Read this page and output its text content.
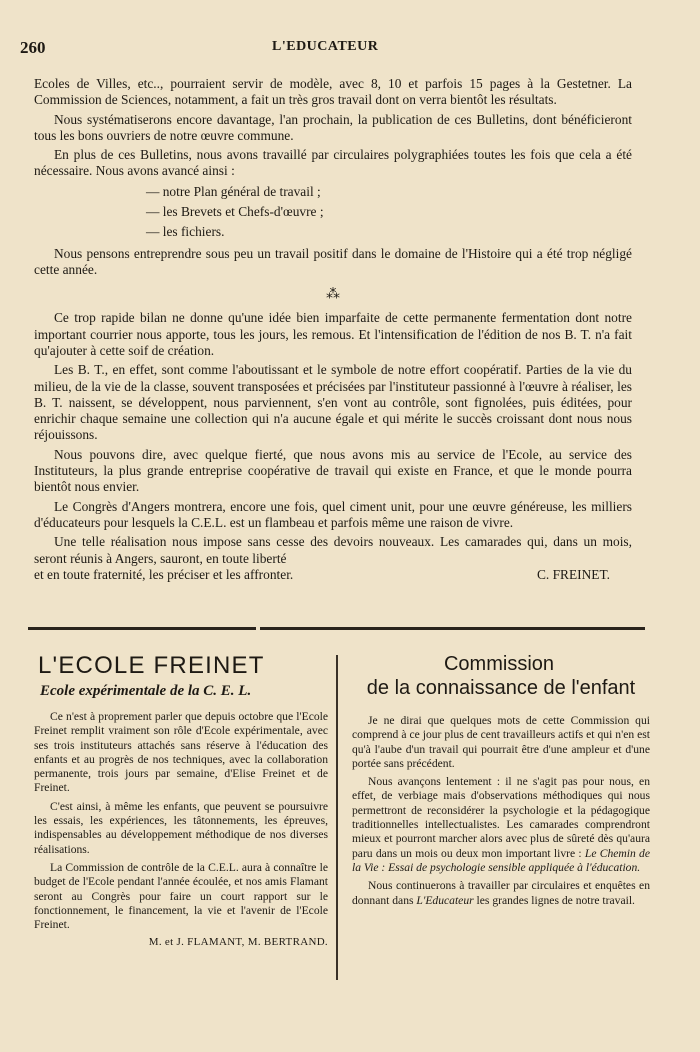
260	L'EDUCATEUR

Ecoles de Villes, etc.., pourraient servir de modèle, avec 8, 10 et parfois 15 pages à la Gestetner. La Commission de Sciences, notamment, a fait un très gros travail dont on verra bientôt les résultats.

Nous systématiserons encore davantage, l'an prochain, la publication de ces Bulletins, dont bénéficieront tous les bons ouvriers de notre œuvre commune.

En plus de ces Bulletins, nous avons travaillé par circulaires polygraphiées toutes les fois que cela a été nécessaire. Nous avons avancé ainsi :

— notre Plan général de travail ;
— les Brevets et Chefs-d'œuvre ;
— les fichiers.

Nous pensons entreprendre sous peu un travail positif dans le domaine de l'Histoire qui a été trop négligé cette année.

⁂

Ce trop rapide bilan ne donne qu'une idée bien imparfaite de cette permanente fermentation dont notre important courrier nous apporte, tous les jours, les remous. Et l'intensification de l'édition de nos B. T. n'a fait qu'ajouter à cette soif de création.

Les B. T., en effet, sont comme l'aboutissant et le symbole de notre effort coopératif. Parties de la vie du milieu, de la vie de la classe, souvent transposées et précisées par l'instituteur passionné à l'œuvre à réaliser, les B. T. naissent, se développent, nous parviennent, s'en vont au contrôle, sont fignolées, puis éditées, pour enrichir chaque semaine une collection qui n'a aucune égale et qui mérite le succès croissant dont nous nous réjouissons.

Nous pouvons dire, avec quelque fierté, que nous avons mis au service de l'Ecole, au service des Instituteurs, la plus grande entreprise coopérative de travail qui existe en France, et que le monde pourra bientôt nous envier.

Le Congrès d'Angers montrera, encore une fois, quel ciment unit, pour une œuvre généreuse, les milliers d'éducateurs pour lesquels la C.E.L. est un flambeau et parfois même une raison de vivre.

Une telle réalisation nous impose sans cesse des devoirs nouveaux. Les camarades qui, dans un mois, seront réunis à Angers, sauront, en toute liberté

et en toute fraternité, les préciser et les affronter.	C. FREINET.
L'ECOLE FREINET
Ecole expérimentale de la C. E. L.

Ce n'est à proprement parler que depuis octobre que l'Ecole Freinet remplit vraiment son rôle d'Ecole expérimentale, avec ses trois instituteurs attachés sans réserve à l'éducation des enfants et au progrès de nos techniques, avec la collaboration permanente, trois jours par semaine, d'Elise Freinet et de Freinet.

C'est ainsi, à même les enfants, que peuvent se poursuivre les essais, les expériences, les tâtonnements, les épreuves, indispensables au développement méthodique de nos diverses réalisations.

La Commission de contrôle de la C.E.L. aura à connaître le budget de l'Ecole pendant l'année écoulée, et nos amis Flamant seront au Congrès pour faire un court rapport sur le fonctionnement, le financement, la vie et l'avenir de l'Ecole Freinet.

M. et J. FLAMANT, M. BERTRAND.
Commission
de la connaissance de l'enfant

Je ne dirai que quelques mots de cette Commission qui comprend à ce jour plus de cent travailleurs actifs et qui n'en est qu'à l'aube d'un travail qui pourrait être d'une ampleur et d'une portée sans précédent.

Nous avançons lentement : il ne s'agit pas pour nous, en effet, de verbiage mais d'observations méthodiques qui nous permettront de reconsidérer la psychologie et la pédagogique traditionnelles intellectualistes. Les camarades comprendront mieux et pourront marcher alors avec plus de sûreté dès qu'aura paru dans un mois ou deux mon important livre : Le Chemin de la Vie : Essai de psychologie sensible appliquée à l'éducation.

Nous continuerons à travailler par circulaires et enquêtes en donnant dans L'Educateur les grandes lignes de notre travail.
